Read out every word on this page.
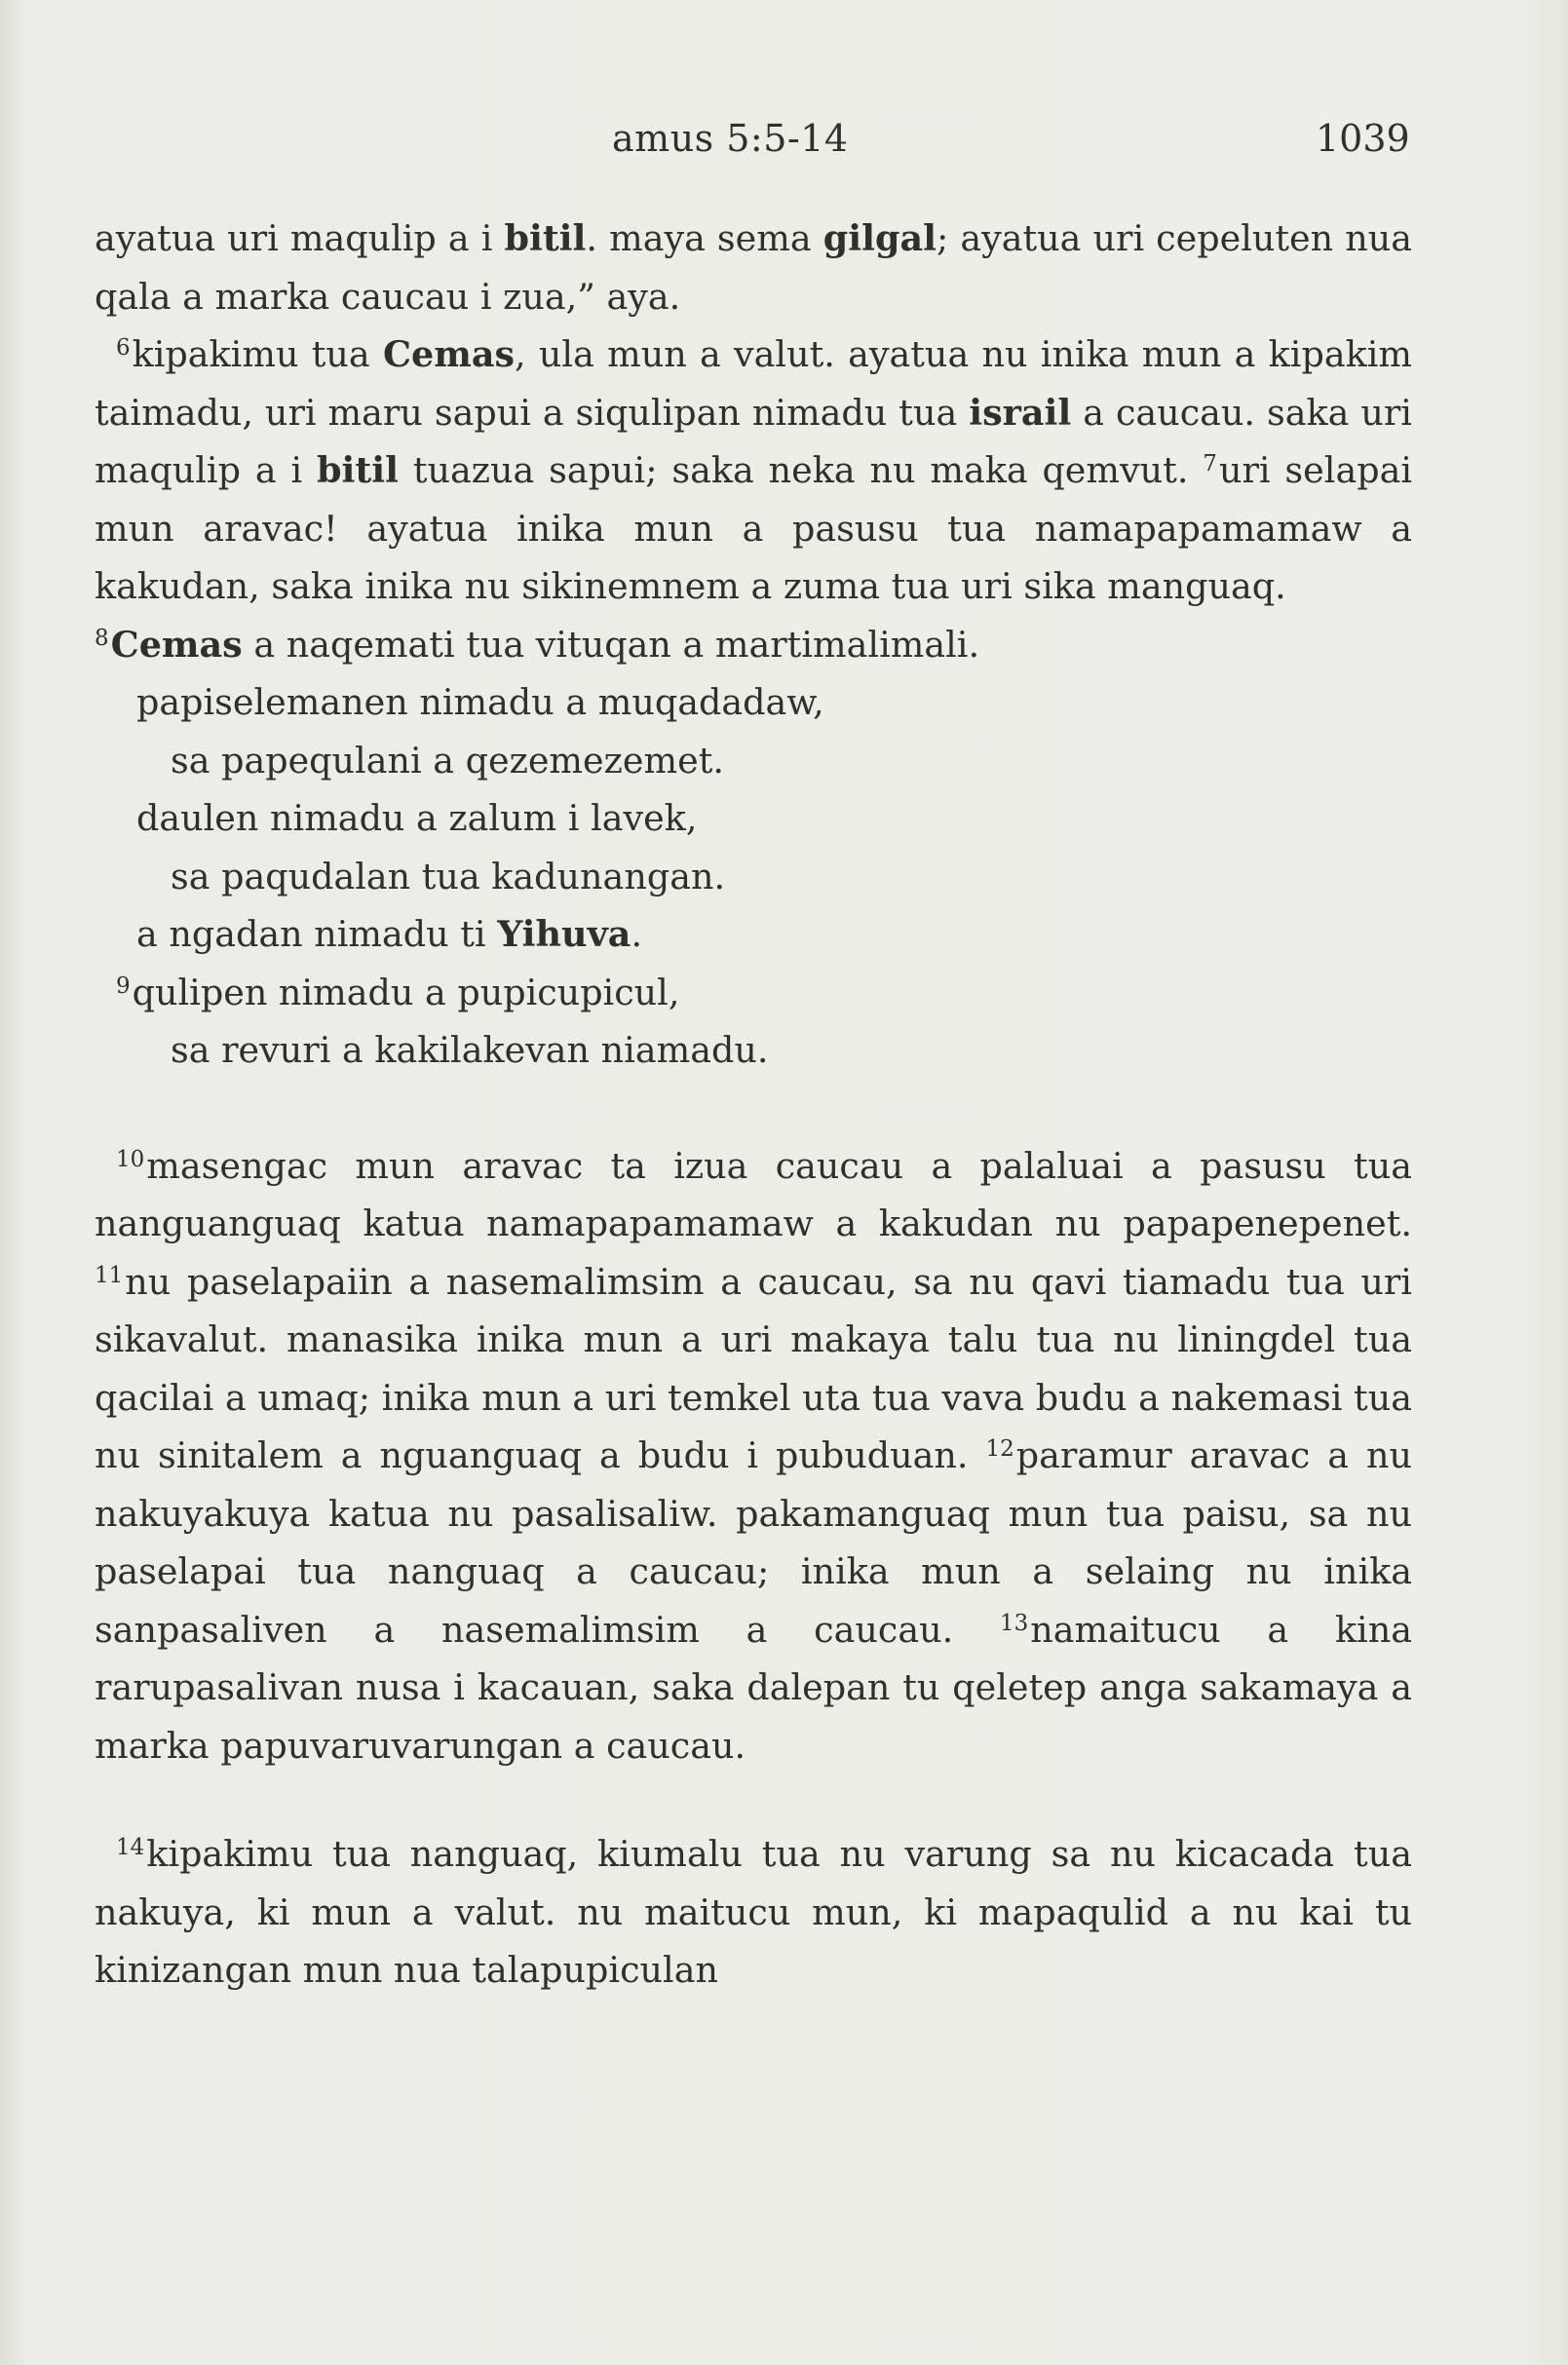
amus 5:5-14	1039

ayatua uri maqulip a i bitil. maya sema gilgal; ayatua uri cepeluten nua qala a marka caucau i zua,” aya.

$^6$kipakimu tua Cemas, ula mun a valut. ayatua nu inika mun a kipakim taimadu, uri maru sapui a siqulipan nimadu tua israil a caucau. saka uri maqulip a i bitil tuazua sapui; saka neka nu maka qemvut. $^7$uri selapai mun aravac! ayatua inika mun a pasusu tua namapapamamaw a kakudan, saka inika nu sikinemnem a zuma tua uri sika manguaq.

$^8$Cemas a naqemati tua vituqan a martimalimali.
papiselemanen nimadu a muqadadaw,
sa papequlani a qezemezemet.
daulen nimadu a zalum i lavek,
sa paqudalan tua kadunangan.
a ngadan nimadu ti Yihuva.
$^9$qulipen nimadu a pupicupicul,
sa revuri a kakilakevan niamadu.

$^{10}$masengac mun aravac ta izua caucau a palaluai a pasusu tua nanguanguaq katua namapapamamaw a kakudan nu papapenepenet. $^{11}$nu paselapaiin a nasemalimsim a caucau, sa nu qavi tiamadu tua uri sikavalut. manasika inika mun a uri makaya talu tua nu liningdel tua qacilai a umaq; inika mun a uri temkel uta tua vava budu a nakemasi tua nu sinitalem a nguanguaq a budu i pubuduan. $^{12}$paramur aravac a nu nakuyakuya katua nu pasalisaliw. pakamanguaq mun tua paisu, sa nu paselapai tua nanguaq a caucau; inika mun a selaing nu inika sanpasaliven a nasemalimsim a caucau. $^{13}$namaitucu a kina rarupasalivan nusa i kacauan, saka dalepan tu qeletep anga sakamaya a marka papuvaruvarungan a caucau.

$^{14}$kipakimu tua nanguaq, kiumalu tua nu varung sa nu kicacada tua nakuya, ki mun a valut. nu maitucu mun, ki mapaqulid a nu kai tu kinizangan mun nua talapupiculan
